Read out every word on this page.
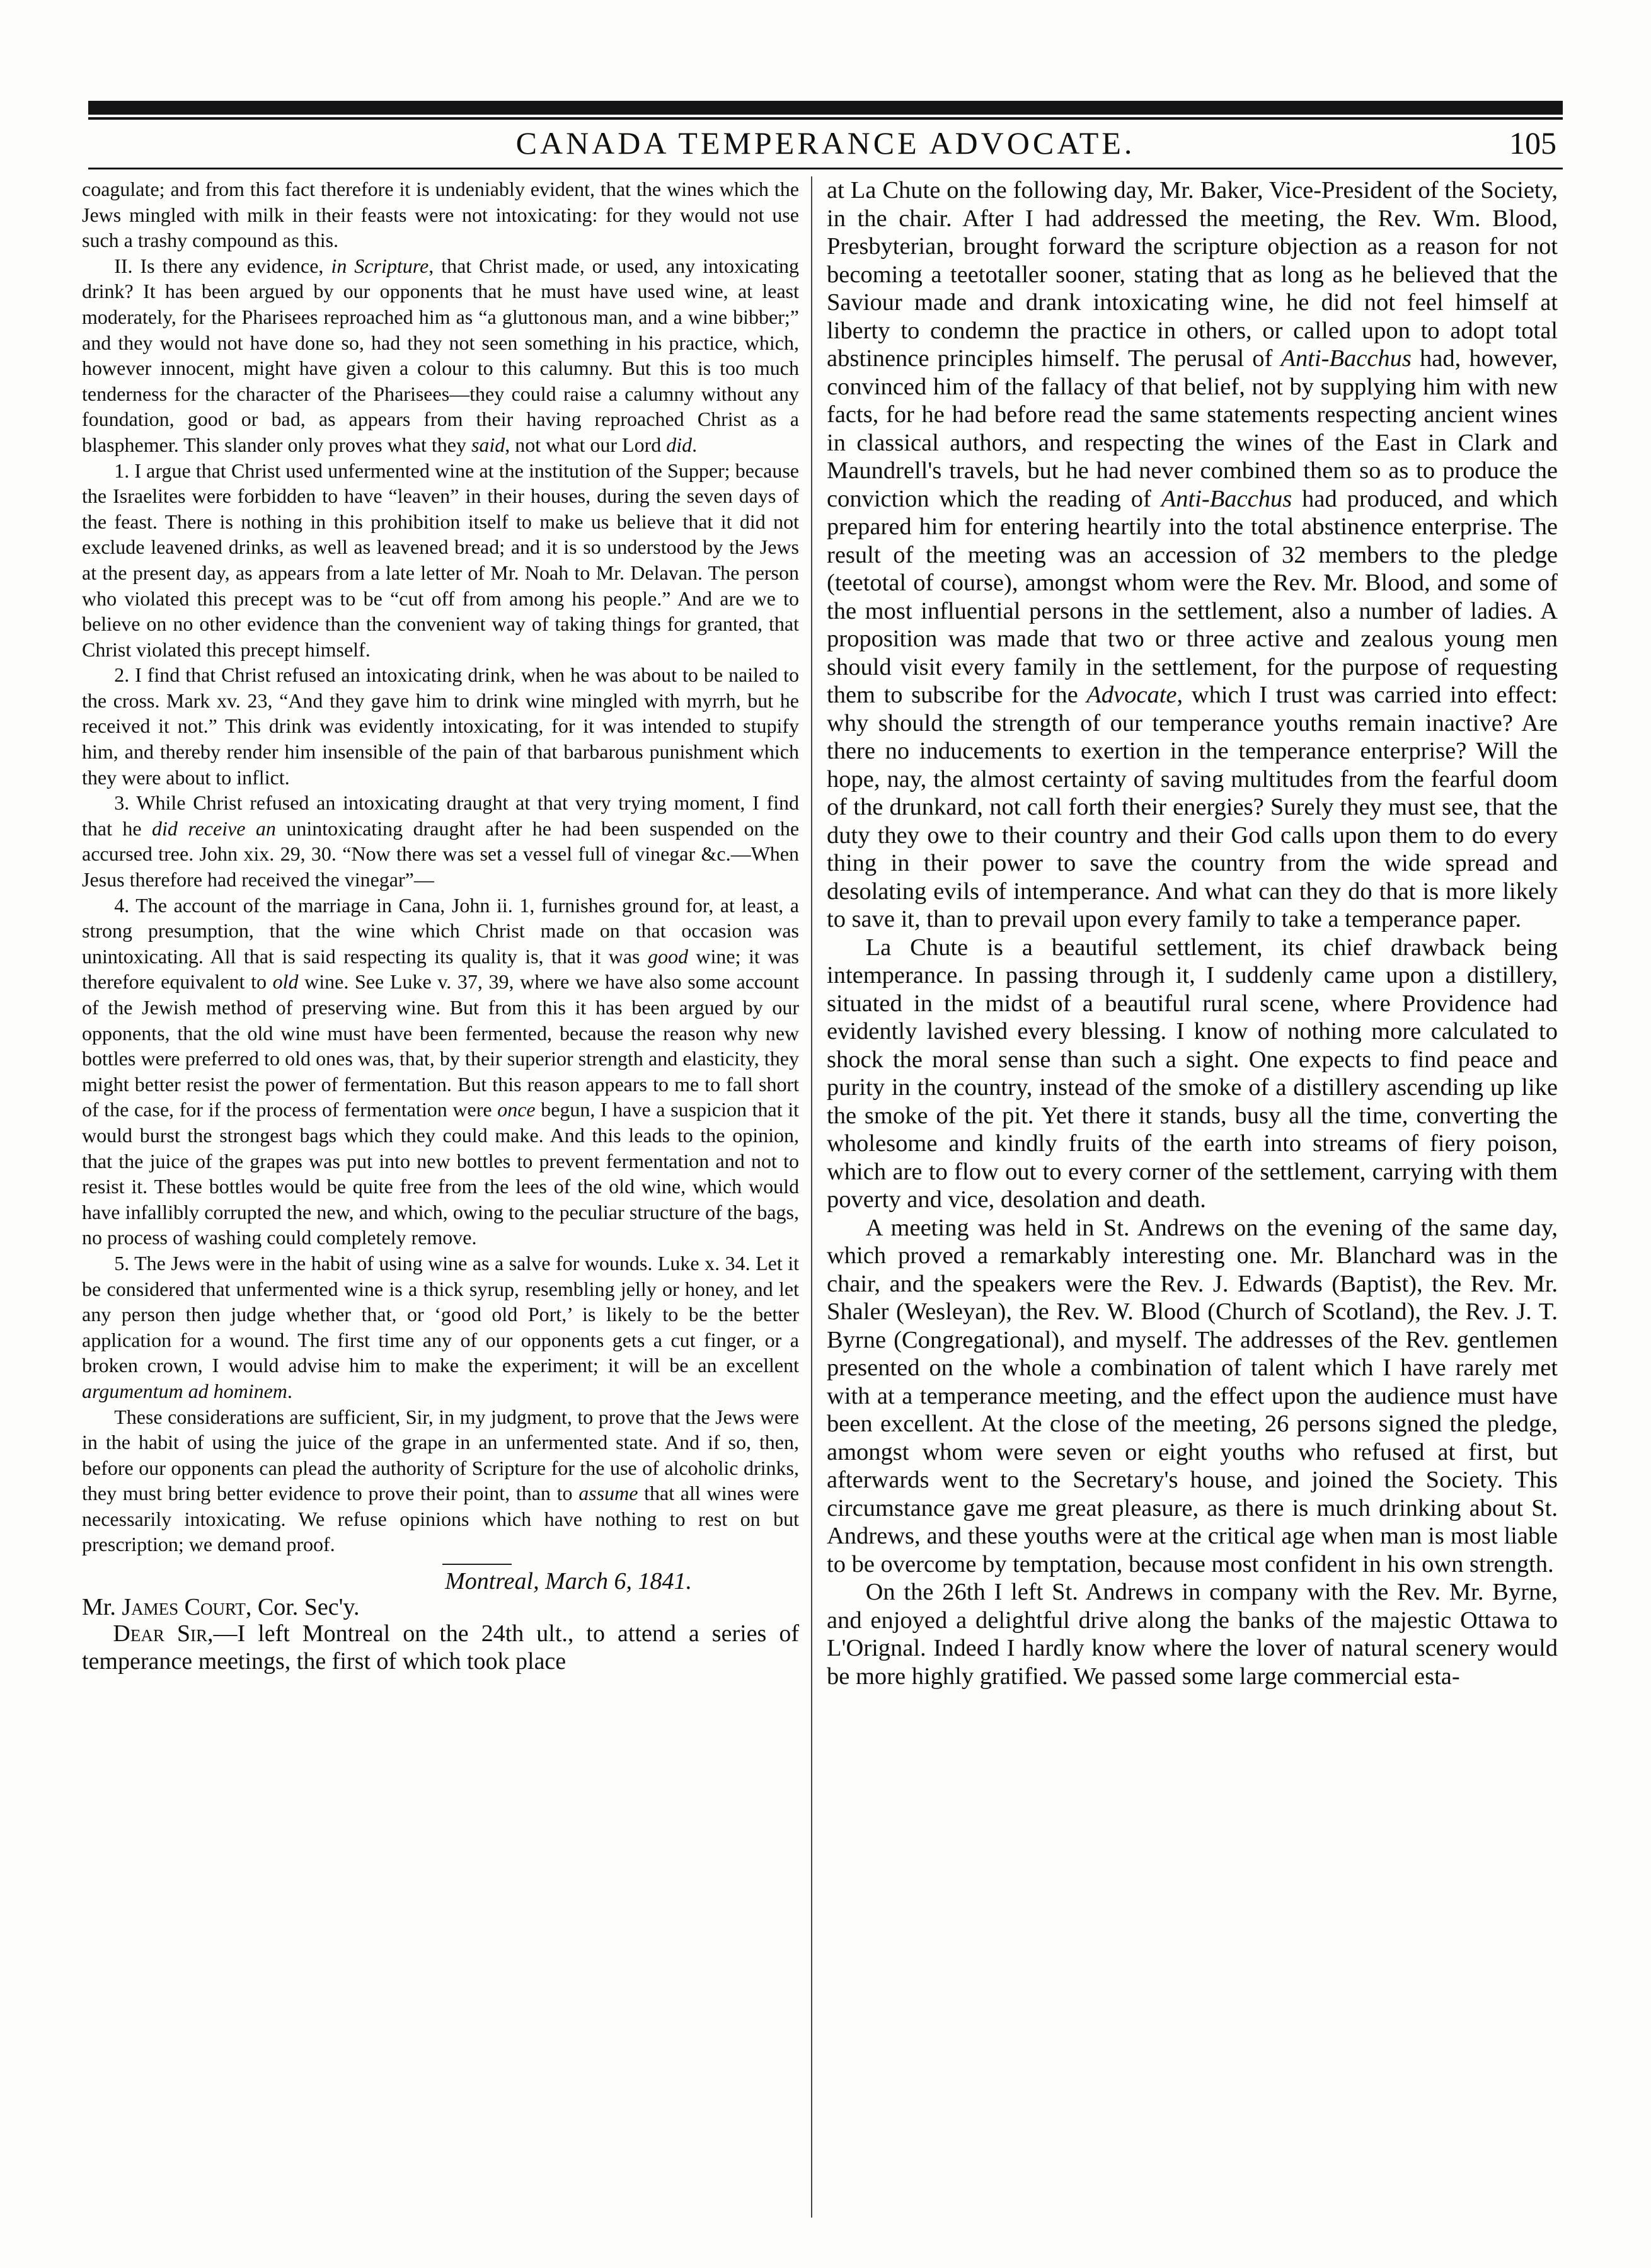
CANADA TEMPERANCE ADVOCATE.	105

coagulate; and from this fact therefore it is undeniably evident, that the wines which the Jews mingled with milk in their feasts were not intoxicating: for they would not use such a trashy compound as this.

II. Is there any evidence, in Scripture, that Christ made, or used, any intoxicating drink? It has been argued by our opponents that he must have used wine, at least moderately, for the Pharisees reproached him as “a gluttonous man, and a wine bibber;” and they would not have done so, had they not seen something in his practice, which, however innocent, might have given a colour to this calumny. But this is too much tenderness for the character of the Pharisees—they could raise a calumny without any foundation, good or bad, as appears from their having reproached Christ as a blasphemer. This slander only proves what they said, not what our Lord did.

1. I argue that Christ used unfermented wine at the institution of the Supper; because the Israelites were forbidden to have “leaven” in their houses, during the seven days of the feast. There is nothing in this prohibition itself to make us believe that it did not exclude leavened drinks, as well as leavened bread; and it is so understood by the Jews at the present day, as appears from a late letter of Mr. Noah to Mr. Delavan. The person who violated this precept was to be “cut off from among his people.” And are we to believe on no other evidence than the convenient way of taking things for granted, that Christ violated this precept himself.

2. I find that Christ refused an intoxicating drink, when he was about to be nailed to the cross. Mark xv. 23, “And they gave him to drink wine mingled with myrrh, but he received it not.” This drink was evidently intoxicating, for it was intended to stupify him, and thereby render him insensible of the pain of that barbarous punishment which they were about to inflict.

3. While Christ refused an intoxicating draught at that very trying moment, I find that he did receive an unintoxicating draught after he had been suspended on the accursed tree. John xix. 29, 30. “Now there was set a vessel full of vinegar &c.—When Jesus therefore had received the vinegar”—

4. The account of the marriage in Cana, John ii. 1, furnishes ground for, at least, a strong presumption, that the wine which Christ made on that occasion was unintoxicating. All that is said respecting its quality is, that it was good wine; it was therefore equivalent to old wine. See Luke v. 37, 39, where we have also some account of the Jewish method of preserving wine. But from this it has been argued by our opponents, that the old wine must have been fermented, because the reason why new bottles were preferred to old ones was, that, by their superior strength and elasticity, they might better resist the power of fermentation. But this reason appears to me to fall short of the case, for if the process of fermentation were once begun, I have a suspicion that it would burst the strongest bags which they could make. And this leads to the opinion, that the juice of the grapes was put into new bottles to prevent fermentation and not to resist it. These bottles would be quite free from the lees of the old wine, which would have infallibly corrupted the new, and which, owing to the peculiar structure of the bags, no process of washing could completely remove.

5. The Jews were in the habit of using wine as a salve for wounds. Luke x. 34. Let it be considered that unfermented wine is a thick syrup, resembling jelly or honey, and let any person then judge whether that, or ‘good old Port,’ is likely to be the better application for a wound. The first time any of our opponents gets a cut finger, or a broken crown, I would advise him to make the experiment; it will be an excellent argumentum ad hominem.

These considerations are sufficient, Sir, in my judgment, to prove that the Jews were in the habit of using the juice of the grape in an unfermented state. And if so, then, before our opponents can plead the authority of Scripture for the use of alcoholic drinks, they must bring better evidence to prove their point, than to assume that all wines were necessarily intoxicating. We refuse opinions which have nothing to rest on but prescription; we demand proof.

Montreal, March 6, 1841.

Mr. James Court, Cor. Sec'y.

Dear Sir,—I left Montreal on the 24th ult., to attend a series of temperance meetings, the first of which took place

at La Chute on the following day, Mr. Baker, Vice-President of the Society, in the chair. After I had addressed the meeting, the Rev. Wm. Blood, Presbyterian, brought forward the scripture objection as a reason for not becoming a teetotaller sooner, stating that as long as he believed that the Saviour made and drank intoxicating wine, he did not feel himself at liberty to condemn the practice in others, or called upon to adopt total abstinence principles himself. The perusal of Anti-Bacchus had, however, convinced him of the fallacy of that belief, not by supplying him with new facts, for he had before read the same statements respecting ancient wines in classical authors, and respecting the wines of the East in Clark and Maundrell's travels, but he had never combined them so as to produce the conviction which the reading of Anti-Bacchus had produced, and which prepared him for entering heartily into the total abstinence enterprise. The result of the meeting was an accession of 32 members to the pledge (teetotal of course), amongst whom were the Rev. Mr. Blood, and some of the most influential persons in the settlement, also a number of ladies. A proposition was made that two or three active and zealous young men should visit every family in the settlement, for the purpose of requesting them to subscribe for the Advocate, which I trust was carried into effect: why should the strength of our temperance youths remain inactive? Are there no inducements to exertion in the temperance enterprise? Will the hope, nay, the almost certainty of saving multitudes from the fearful doom of the drunkard, not call forth their energies? Surely they must see, that the duty they owe to their country and their God calls upon them to do every thing in their power to save the country from the wide spread and desolating evils of intemperance. And what can they do that is more likely to save it, than to prevail upon every family to take a temperance paper.

La Chute is a beautiful settlement, its chief drawback being intemperance. In passing through it, I suddenly came upon a distillery, situated in the midst of a beautiful rural scene, where Providence had evidently lavished every blessing. I know of nothing more calculated to shock the moral sense than such a sight. One expects to find peace and purity in the country, instead of the smoke of a distillery ascending up like the smoke of the pit. Yet there it stands, busy all the time, converting the wholesome and kindly fruits of the earth into streams of fiery poison, which are to flow out to every corner of the settlement, carrying with them poverty and vice, desolation and death.

A meeting was held in St. Andrews on the evening of the same day, which proved a remarkably interesting one. Mr. Blanchard was in the chair, and the speakers were the Rev. J. Edwards (Baptist), the Rev. Mr. Shaler (Wesleyan), the Rev. W. Blood (Church of Scotland), the Rev. J. T. Byrne (Congregational), and myself. The addresses of the Rev. gentlemen presented on the whole a combination of talent which I have rarely met with at a temperance meeting, and the effect upon the audience must have been excellent. At the close of the meeting, 26 persons signed the pledge, amongst whom were seven or eight youths who refused at first, but afterwards went to the Secretary's house, and joined the Society. This circumstance gave me great pleasure, as there is much drinking about St. Andrews, and these youths were at the critical age when man is most liable to be overcome by temptation, because most confident in his own strength.

On the 26th I left St. Andrews in company with the Rev. Mr. Byrne, and enjoyed a delightful drive along the banks of the majestic Ottawa to L'Orignal. Indeed I hardly know where the lover of natural scenery would be more highly gratified. We passed some large commercial esta-
